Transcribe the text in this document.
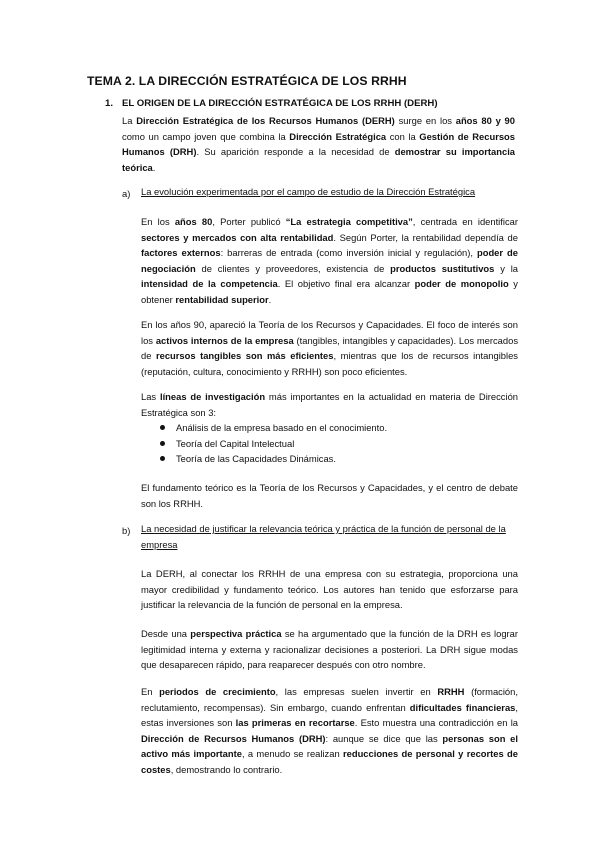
TEMA 2. LA DIRECCIÓN ESTRATÉGICA DE LOS RRHH
1. EL ORIGEN DE LA DIRECCIÓN ESTRATÉGICA DE LOS RRHH (DERH)

La Dirección Estratégica de los Recursos Humanos (DERH) surge en los años 80 y 90 como un campo joven que combina la Dirección Estratégica con la Gestión de Recursos Humanos (DRH). Su aparición responde a la necesidad de demostrar su importancia teórica.

a) La evolución experimentada por el campo de estudio de la Dirección Estratégica

En los años 80, Porter publicó “La estrategia competitiva”, centrada en identificar sectores y mercados con alta rentabilidad. Según Porter, la rentabilidad dependía de factores externos: barreras de entrada (como inversión inicial y regulación), poder de negociación de clientes y proveedores, existencia de productos sustitutivos y la intensidad de la competencia. El objetivo final era alcanzar poder de monopolio y obtener rentabilidad superior.

En los años 90, apareció la Teoría de los Recursos y Capacidades. El foco de interés son los activos internos de la empresa (tangibles, intangibles y capacidades). Los mercados de recursos tangibles son más eficientes, mientras que los de recursos intangibles (reputación, cultura, conocimiento y RRHH) son poco eficientes.

Las líneas de investigación más importantes en la actualidad en materia de Dirección Estratégica son 3:

Análisis de la empresa basado en el conocimiento.
Teoría del Capital Intelectual
Teoría de las Capacidades Dinámicas.

El fundamento teórico es la Teoría de los Recursos y Capacidades, y el centro de debate son los RRHH.

b) La necesidad de justificar la relevancia teórica y práctica de la función de personal de la empresa

La DERH, al conectar los RRHH de una empresa con su estrategia, proporciona una mayor credibilidad y fundamento teórico. Los autores han tenido que esforzarse para justificar la relevancia de la función de personal en la empresa.

Desde una perspectiva práctica se ha argumentado que la función de la DRH es lograr legitimidad interna y externa y racionalizar decisiones a posteriori. La DRH sigue modas que desaparecen rápido, para reaparecer después con otro nombre.

En periodos de crecimiento, las empresas suelen invertir en RRHH (formación, reclutamiento, recompensas). Sin embargo, cuando enfrentan dificultades financieras, estas inversiones son las primeras en recortarse. Esto muestra una contradicción en la Dirección de Recursos Humanos (DRH): aunque se dice que las personas son el activo más importante, a menudo se realizan reducciones de personal y recortes de costes, demostrando lo contrario.
